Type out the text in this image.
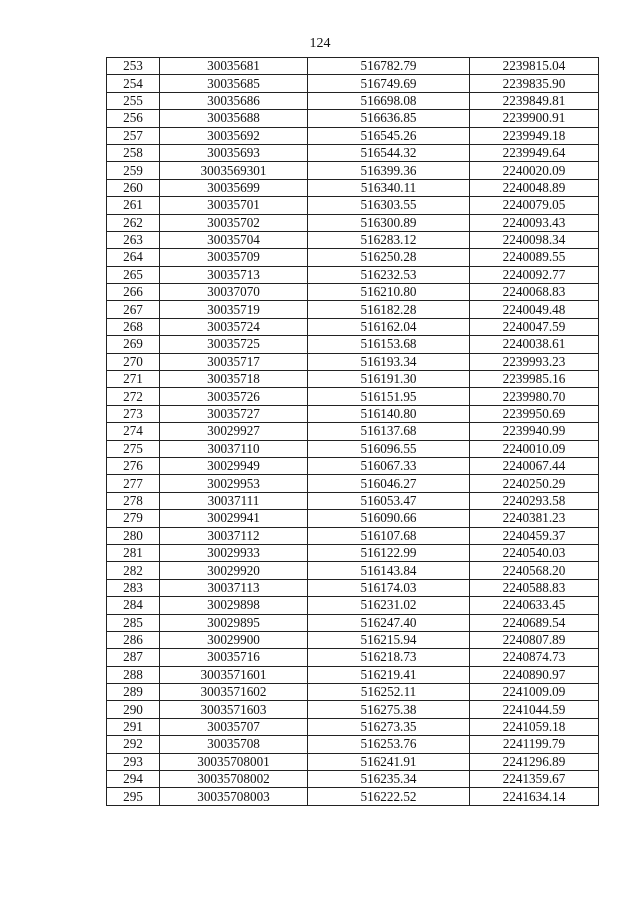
124
253	30035681	516782.79	2239815.04
254	30035685	516749.69	2239835.90
255	30035686	516698.08	2239849.81
256	30035688	516636.85	2239900.91
257	30035692	516545.26	2239949.18
258	30035693	516544.32	2239949.64
259	3003569301	516399.36	2240020.09
260	30035699	516340.11	2240048.89
261	30035701	516303.55	2240079.05
262	30035702	516300.89	2240093.43
263	30035704	516283.12	2240098.34
264	30035709	516250.28	2240089.55
265	30035713	516232.53	2240092.77
266	30037070	516210.80	2240068.83
267	30035719	516182.28	2240049.48
268	30035724	516162.04	2240047.59
269	30035725	516153.68	2240038.61
270	30035717	516193.34	2239993.23
271	30035718	516191.30	2239985.16
272	30035726	516151.95	2239980.70
273	30035727	516140.80	2239950.69
274	30029927	516137.68	2239940.99
275	30037110	516096.55	2240010.09
276	30029949	516067.33	2240067.44
277	30029953	516046.27	2240250.29
278	30037111	516053.47	2240293.58
279	30029941	516090.66	2240381.23
280	30037112	516107.68	2240459.37
281	30029933	516122.99	2240540.03
282	30029920	516143.84	2240568.20
283	30037113	516174.03	2240588.83
284	30029898	516231.02	2240633.45
285	30029895	516247.40	2240689.54
286	30029900	516215.94	2240807.89
287	30035716	516218.73	2240874.73
288	3003571601	516219.41	2240890.97
289	3003571602	516252.11	2241009.09
290	3003571603	516275.38	2241044.59
291	30035707	516273.35	2241059.18
292	30035708	516253.76	2241199.79
293	30035708001	516241.91	2241296.89
294	30035708002	516235.34	2241359.67
295	30035708003	516222.52	2241634.14
